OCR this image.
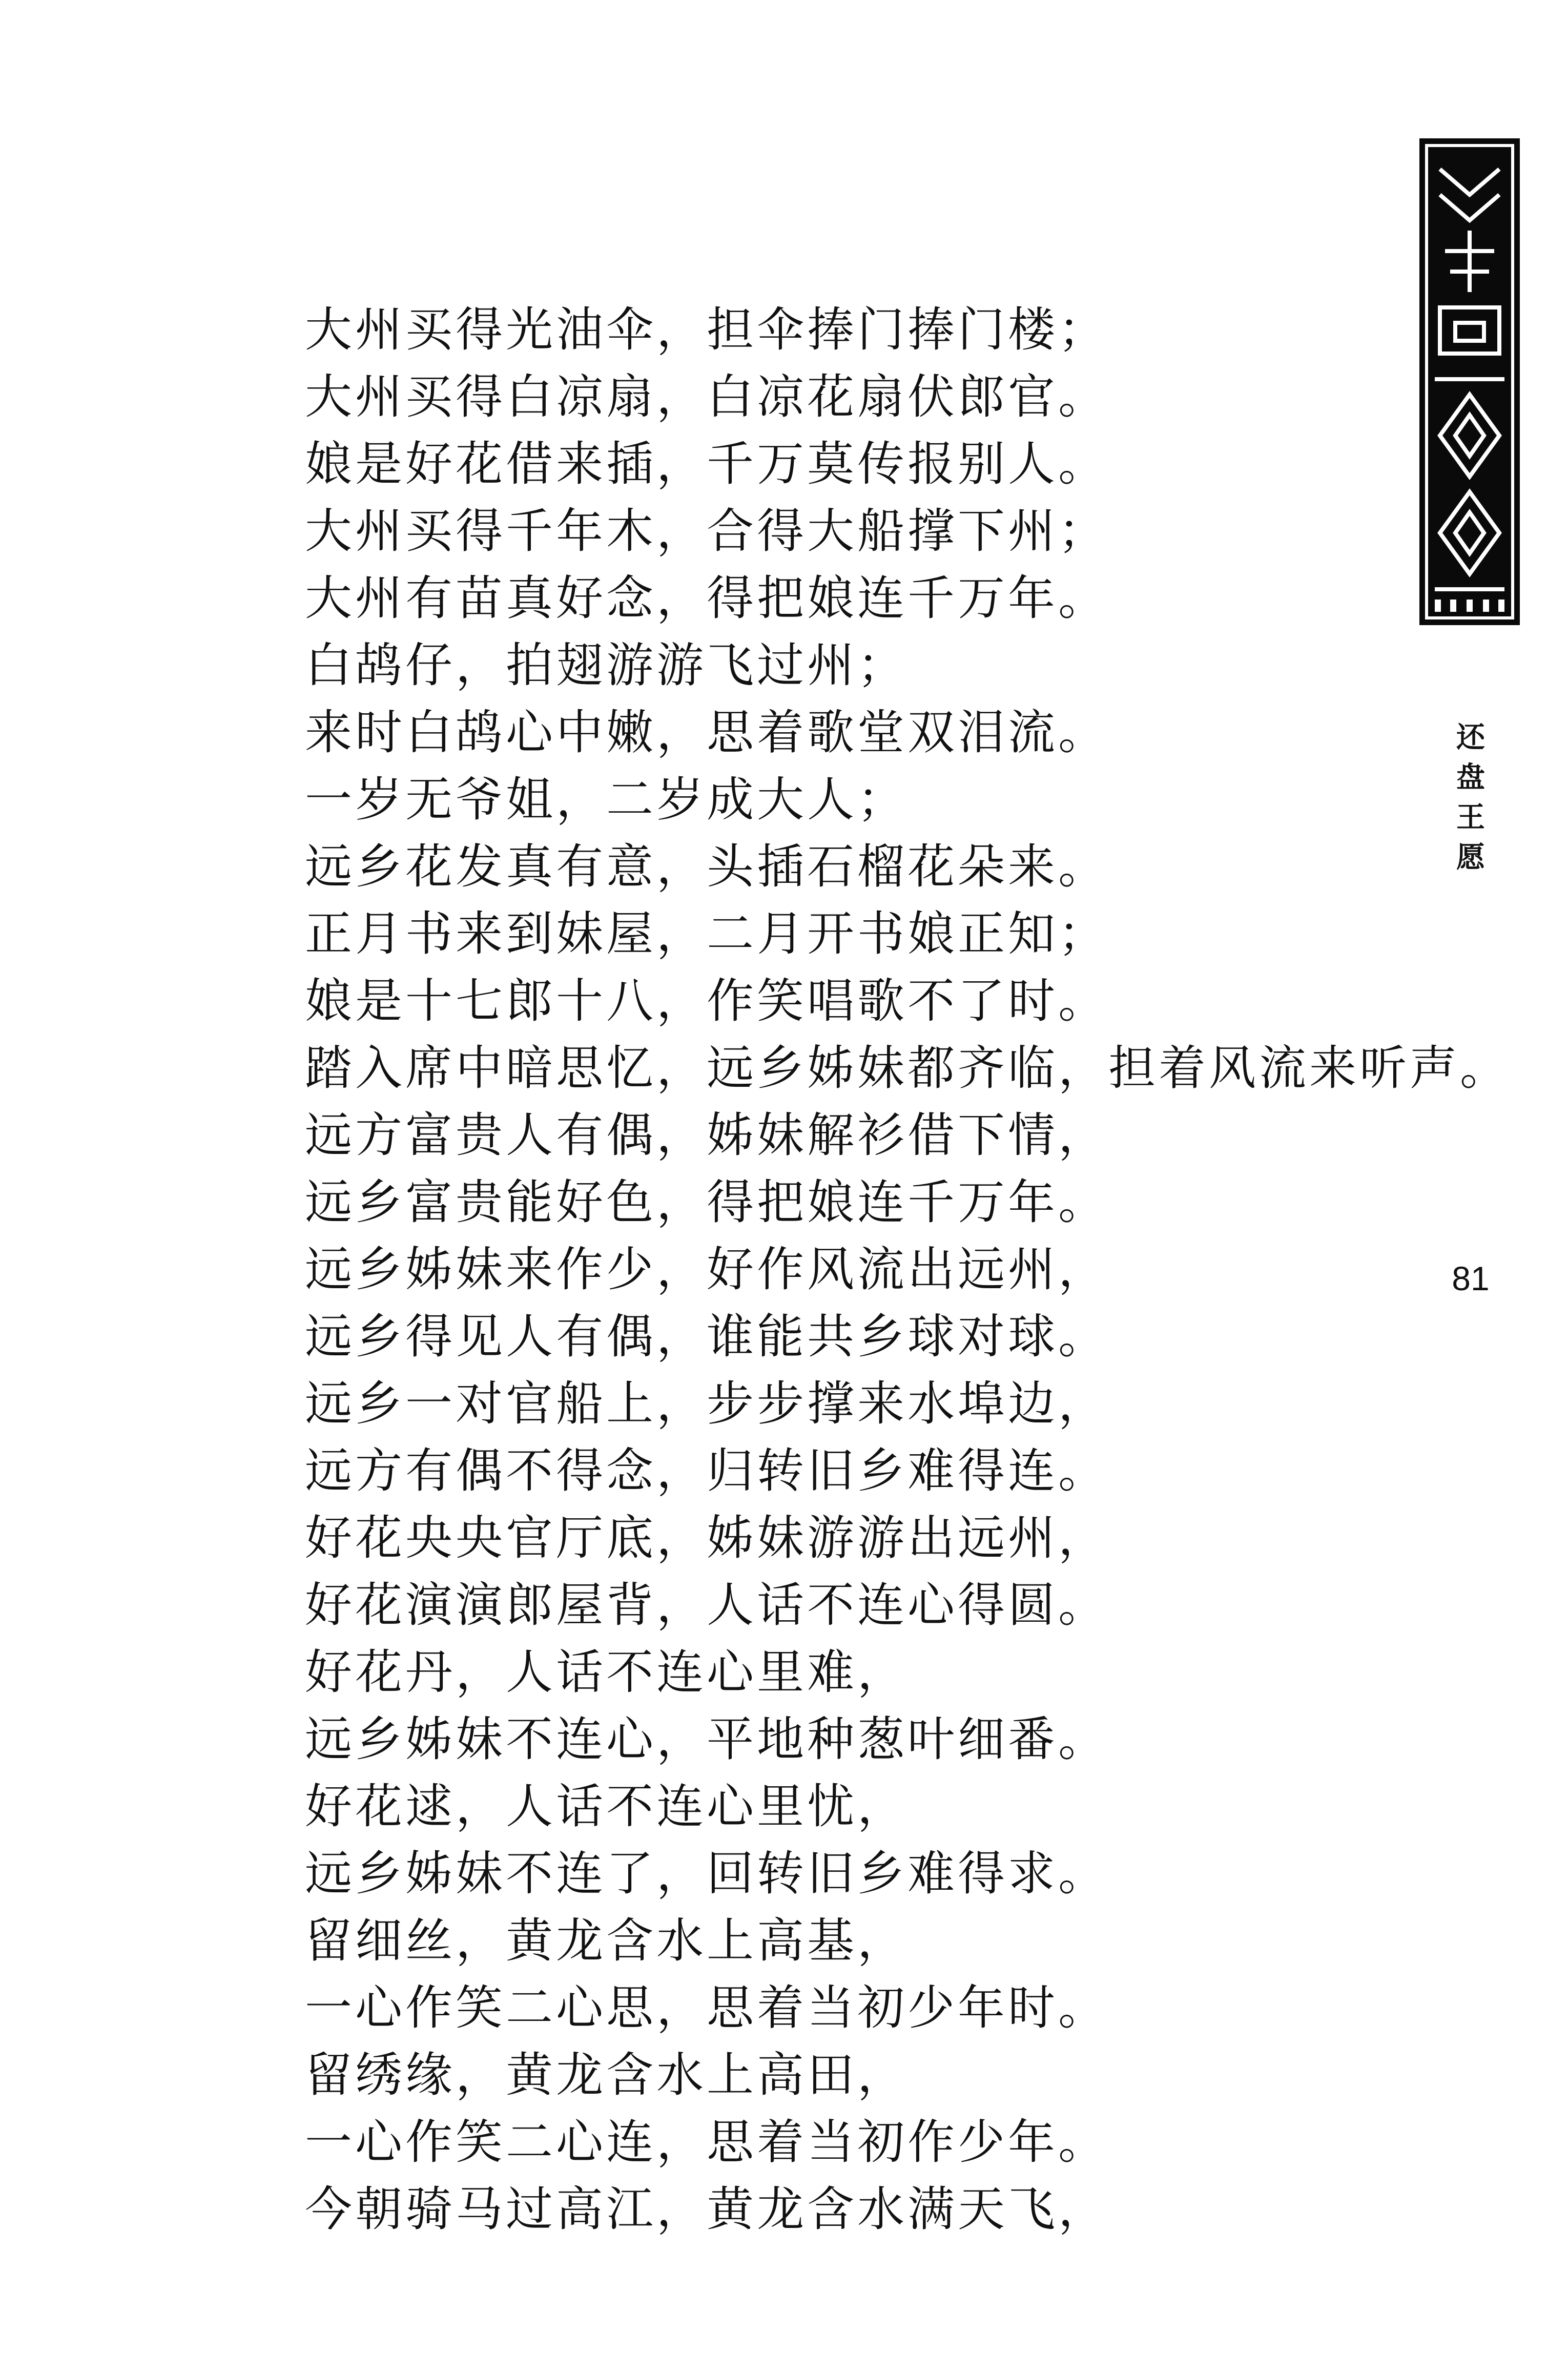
大州买得光油伞，担伞捧门捧门楼；
大州买得白凉扇，白凉花扇伏郎官。
娘是好花借来插，千万莫传报别人。
大州买得千年木，合得大船撑下州；
大州有苗真好念，得把娘连千万年。
白鸪仔，拍翅游游飞过州；
来时白鸪心中嫩，思着歌堂双泪流。
一岁无爷姐，二岁成大人；
远乡花发真有意，头插石榴花朵来。
正月书来到妹屋，二月开书娘正知；
娘是十七郎十八，作笑唱歌不了时。
踏入席中暗思忆，远乡姊妹都齐临，担着风流来听声。
远方富贵人有偶，姊妹解衫借下情，
远乡富贵能好色，得把娘连千万年。
远乡姊妹来作少，好作风流出远州，
远乡得见人有偶，谁能共乡球对球。
远乡一对官船上，步步撑来水埠边，
远方有偶不得念，归转旧乡难得连。
好花央央官厅底，姊妹游游出远州，
好花演演郎屋背，人话不连心得圆。
好花丹，人话不连心里难，
远乡姊妹不连心，平地种葱叶细番。
好花逑，人话不连心里忧，
远乡姊妹不连了，回转旧乡难得求。
留细丝，黄龙含水上高基，
一心作笑二心思，思着当初少年时。
留绣缘，黄龙含水上高田，
一心作笑二心连，思着当初作少年。
今朝骑马过高江，黄龙含水满天飞，
还
盘
王
愿
81
